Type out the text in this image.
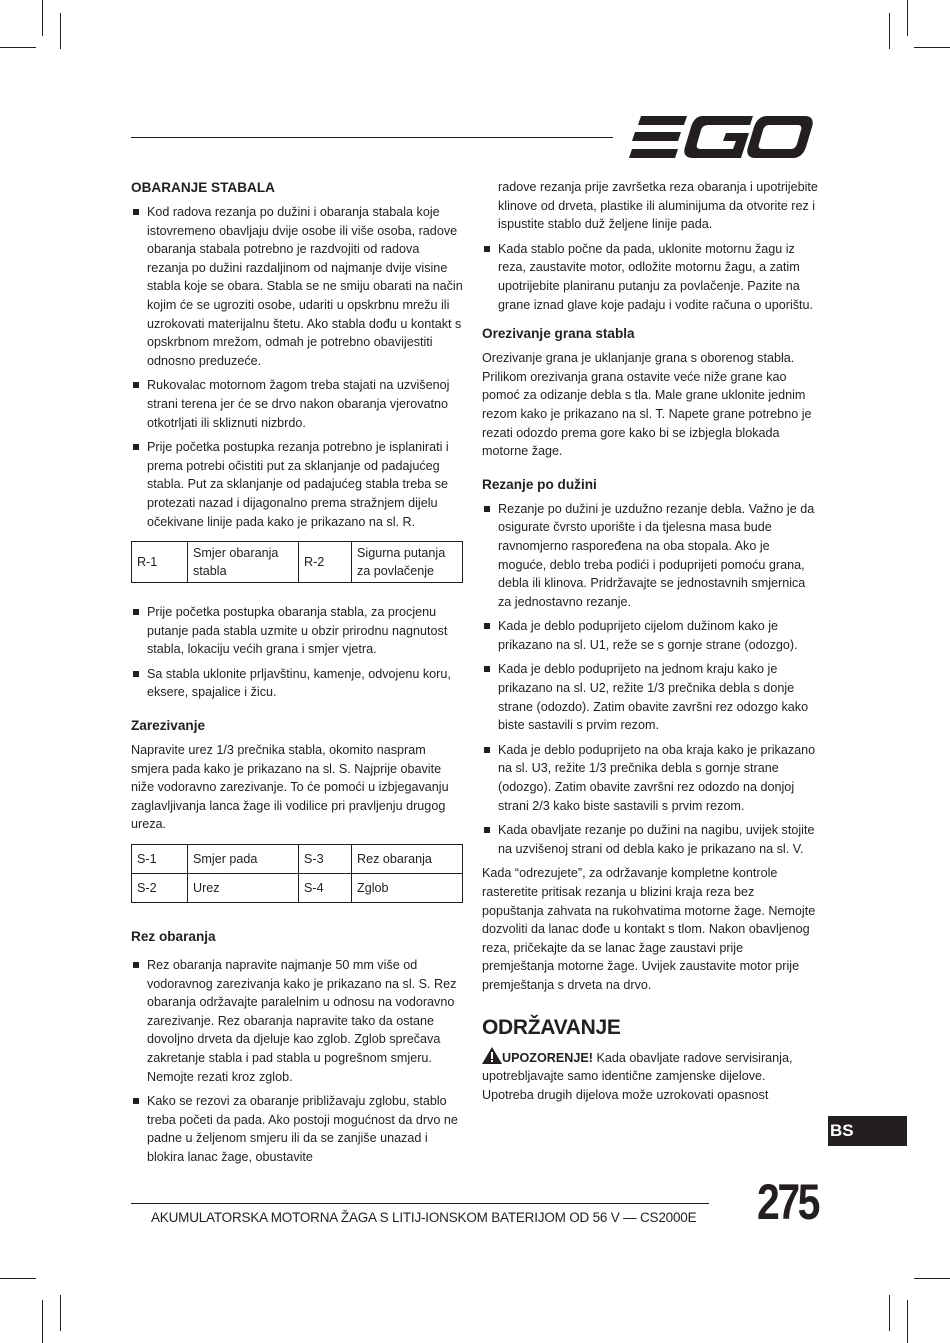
OBARANJE STABALA
Kod radova rezanja po dužini i obaranja stabala koje istovremeno obavljaju dvije osobe ili više osoba, radove obaranja stabala potrebno je razdvojiti od radova rezanja po dužini razdaljinom od najmanje dvije visine stabla koje se obara. Stabla se ne smiju obarati na način kojim će se ugroziti osobe, udariti u opskrbnu mrežu ili uzrokovati materijalnu štetu. Ako stabla dođu u kontakt s opskrbnom mrežom, odmah je potrebno obavijestiti odnosno preduzeće.
Rukovalac motornom žagom treba stajati na uzvišenoj strani terena jer će se drvo nakon obaranja vjerovatno otkotrljati ili skliznuti nizbrdo.
Prije početka postupka rezanja potrebno je isplanirati i prema potrebi očistiti put za sklanjanje od padajućeg stabla. Put za sklanjanje od padajućeg stabla treba se protezati nazad i dijagonalno prema stražnjem dijelu očekivane linije pada kako je prikazano na sl. R.
R-1	Smjer obaranja stabla	R-2	Sigurna putanja za povlačenje
Prije početka postupka obaranja stabla, za procjenu putanje pada stabla uzmite u obzir prirodnu nagnutost stabla, lokaciju većih grana i smjer vjetra.
Sa stabla uklonite prljavštinu, kamenje, odvojenu koru, eksere, spajalice i žicu.
Zarezivanje

Napravite urez 1/3 prečnika stabla, okomito naspram smjera pada kako je prikazano na sl. S. Najprije obavite niže vodoravno zarezivanje. To će pomoći u izbjegavanju zaglavljivanja lanca žage ili vodilice pri pravljenju drugog ureza.

S-1	Smjer pada	S-3	Rez obaranja
S-2	Urez	S-4	Zglob
Rez obaranja
Rez obaranja napravite najmanje 50 mm više od vodoravnog zarezivanja kako je prikazano na sl. S. Rez obaranja održavajte paralelnim u odnosu na vodoravno zarezivanje. Rez obaranja napravite tako da ostane dovoljno drveta da djeluje kao zglob. Zglob sprečava zakretanje stabla i pad stabla u pogrešnom smjeru. Nemojte rezati kroz zglob.
Kako se rezovi za obaranje približavaju zglobu, stablo treba početi da pada. Ako postoji mogućnost da drvo ne padne u željenom smjeru ili da se zanjiše unazad i blokira lanac žage, obustavite
radove rezanja prije završetka reza obaranja i upotrijebite klinove od drveta, plastike ili aluminijuma da otvorite rez i ispustite stablo duž željene linije pada.
Kada stablo počne da pada, uklonite motornu žagu iz reza, zaustavite motor, odložite motornu žagu, a zatim upotrijebite planiranu putanju za povlačenje. Pazite na grane iznad glave koje padaju i vodite računa o uporištu.
Orezivanje grana stabla

Orezivanje grana je uklanjanje grana s oborenog stabla. Prilikom orezivanja grana ostavite veće niže grane kao pomoć za odizanje debla s tla. Male grane uklonite jednim rezom kako je prikazano na sl. T. Napete grane potrebno je rezati odozdo prema gore kako bi se izbjegla blokada motorne žage.

Rezanje po dužini
Rezanje po dužini je uzdužno rezanje debla. Važno je da osigurate čvrsto uporište i da tjelesna masa bude ravnomjerno raspoređena na oba stopala. Ako je moguće, deblo treba podići i poduprijeti pomoću grana, debla ili klinova. Pridržavajte se jednostavnih smjernica za jednostavno rezanje.
Kada je deblo poduprijeto cijelom dužinom kako je prikazano na sl. U1, reže se s gornje strane (odozgo).
Kada je deblo poduprijeto na jednom kraju kako je prikazano na sl. U2, režite 1/3 prečnika debla s donje strane (odozdo). Zatim obavite završni rez odozgo kako biste sastavili s prvim rezom.
Kada je deblo poduprijeto na oba kraja kako je prikazano na sl. U3, režite 1/3 prečnika debla s gornje strane (odozgo). Zatim obavite završni rez odozdo na donjoj strani 2/3 kako biste sastavili s prvim rezom.
Kada obavljate rezanje po dužini na nagibu, uvijek stojite na uzvišenoj strani od debla kako je prikazano na sl. V.

Kada “odrezujete”, za održavanje kompletne kontrole rasteretite pritisak rezanja u blizini kraja reza bez popuštanja zahvata na rukohvatima motorne žage. Nemojte dozvoliti da lanac dođe u kontakt s tlom. Nakon obavljenog reza, pričekajte da se lanac žage zaustavi prije premještanja motorne žage. Uvijek zaustavite motor prije premještanja s drveta na drvo.

ODRŽAVANJE

UPOZORENJE! Kada obavljate radove servisiranja, upotrebljavajte samo identične zamjenske dijelove. Upotreba drugih dijelova može uzrokovati opasnost

BS
AKUMULATORSKA MOTORNA ŽAGA S LITIJ-IONSKOM BATERIJOM OD 56 V — CS2000E 275
